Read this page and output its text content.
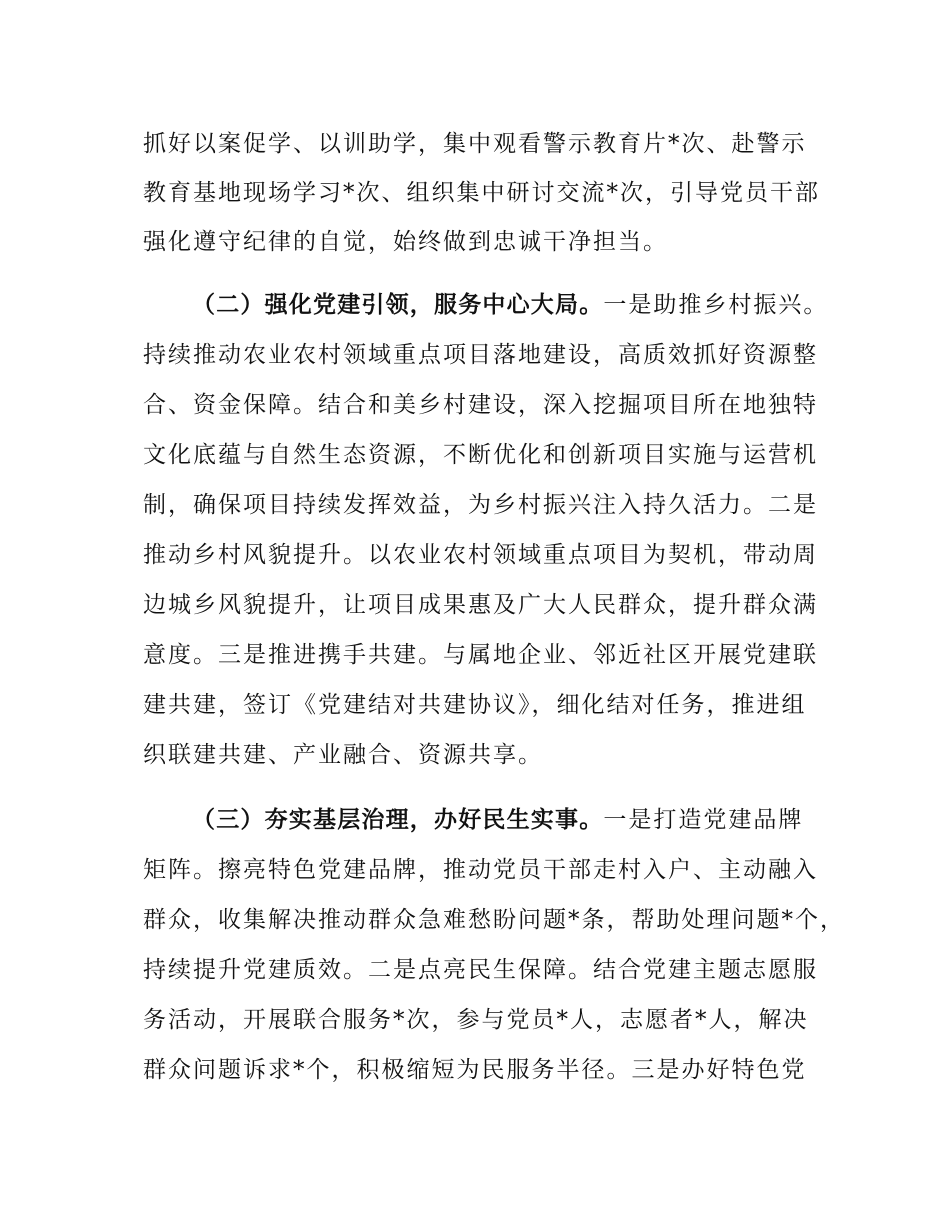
抓好以案促学、以训助学，集中观看警示教育片*次、赴警示
教育基地现场学习*次、组织集中研讨交流*次，引导党员干部
强化遵守纪律的自觉，始终做到忠诚干净担当。
（二）强化党建引领，服务中心大局。一是助推乡村振兴。
持续推动农业农村领域重点项目落地建设，高质效抓好资源整
合、资金保障。结合和美乡村建设，深入挖掘项目所在地独特
文化底蕴与自然生态资源，不断优化和创新项目实施与运营机
制，确保项目持续发挥效益，为乡村振兴注入持久活力。二是
推动乡村风貌提升。以农业农村领域重点项目为契机，带动周
边城乡风貌提升，让项目成果惠及广大人民群众，提升群众满
意度。三是推进携手共建。与属地企业、邻近社区开展党建联
建共建，签订《党建结对共建协议》，细化结对任务，推进组
织联建共建、产业融合、资源共享。
（三）夯实基层治理，办好民生实事。一是打造党建品牌
矩阵。擦亮特色党建品牌，推动党员干部走村入户、主动融入
群众，收集解决推动群众急难愁盼问题*条，帮助处理问题*个，
持续提升党建质效。二是点亮民生保障。结合党建主题志愿服
务活动，开展联合服务*次，参与党员*人，志愿者*人，解决
群众问题诉求*个，积极缩短为民服务半径。三是办好特色党
